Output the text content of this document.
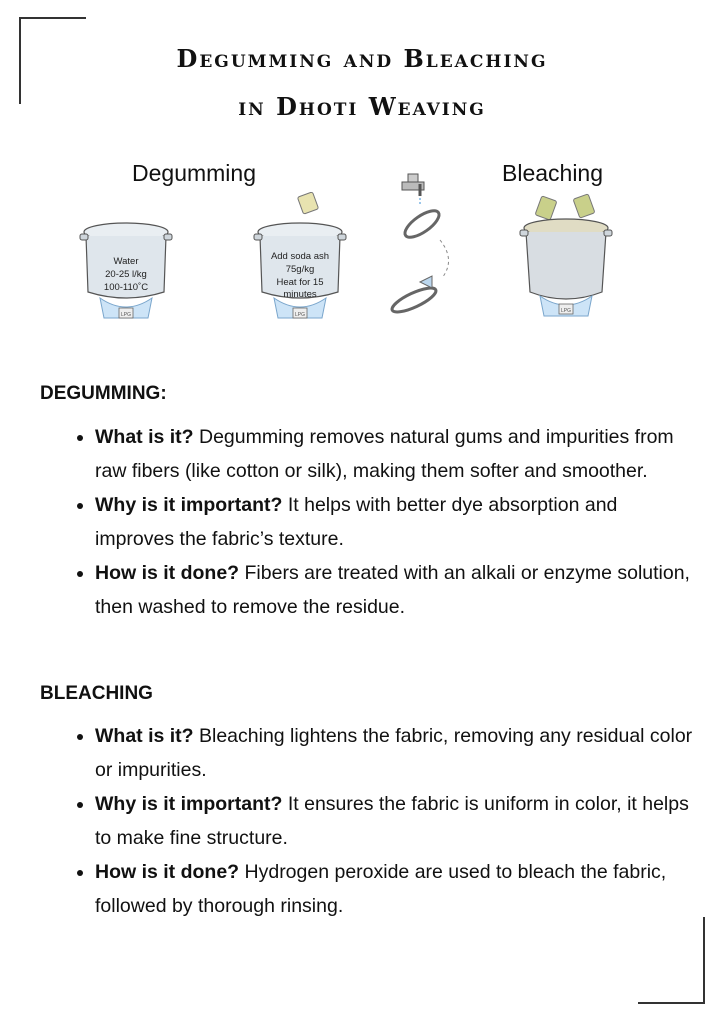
Degumming and Bleaching
in Dhoti Weaving
Degumming	Bleaching
Water
20-25 l/kg
100-110˚C
LPG
Add soda ash
75g/kg
Heat for 15
minutes
LPG
LPG
DEGUMMING:
• What is it? Degumming removes natural gums and impurities from raw fibers (like cotton or silk), making them softer and smoother.
• Why is it important? It helps with better dye absorption and improves the fabric’s texture.
• How is it done? Fibers are treated with an alkali or enzyme solution, then washed to remove the residue.
BLEACHING
• What is it? Bleaching lightens the fabric, removing any residual color or impurities.
• Why is it important? It ensures the fabric is uniform in color, it helps to make fine structure.
• How is it done? Hydrogen peroxide are used to bleach the fabric, followed by thorough rinsing.
